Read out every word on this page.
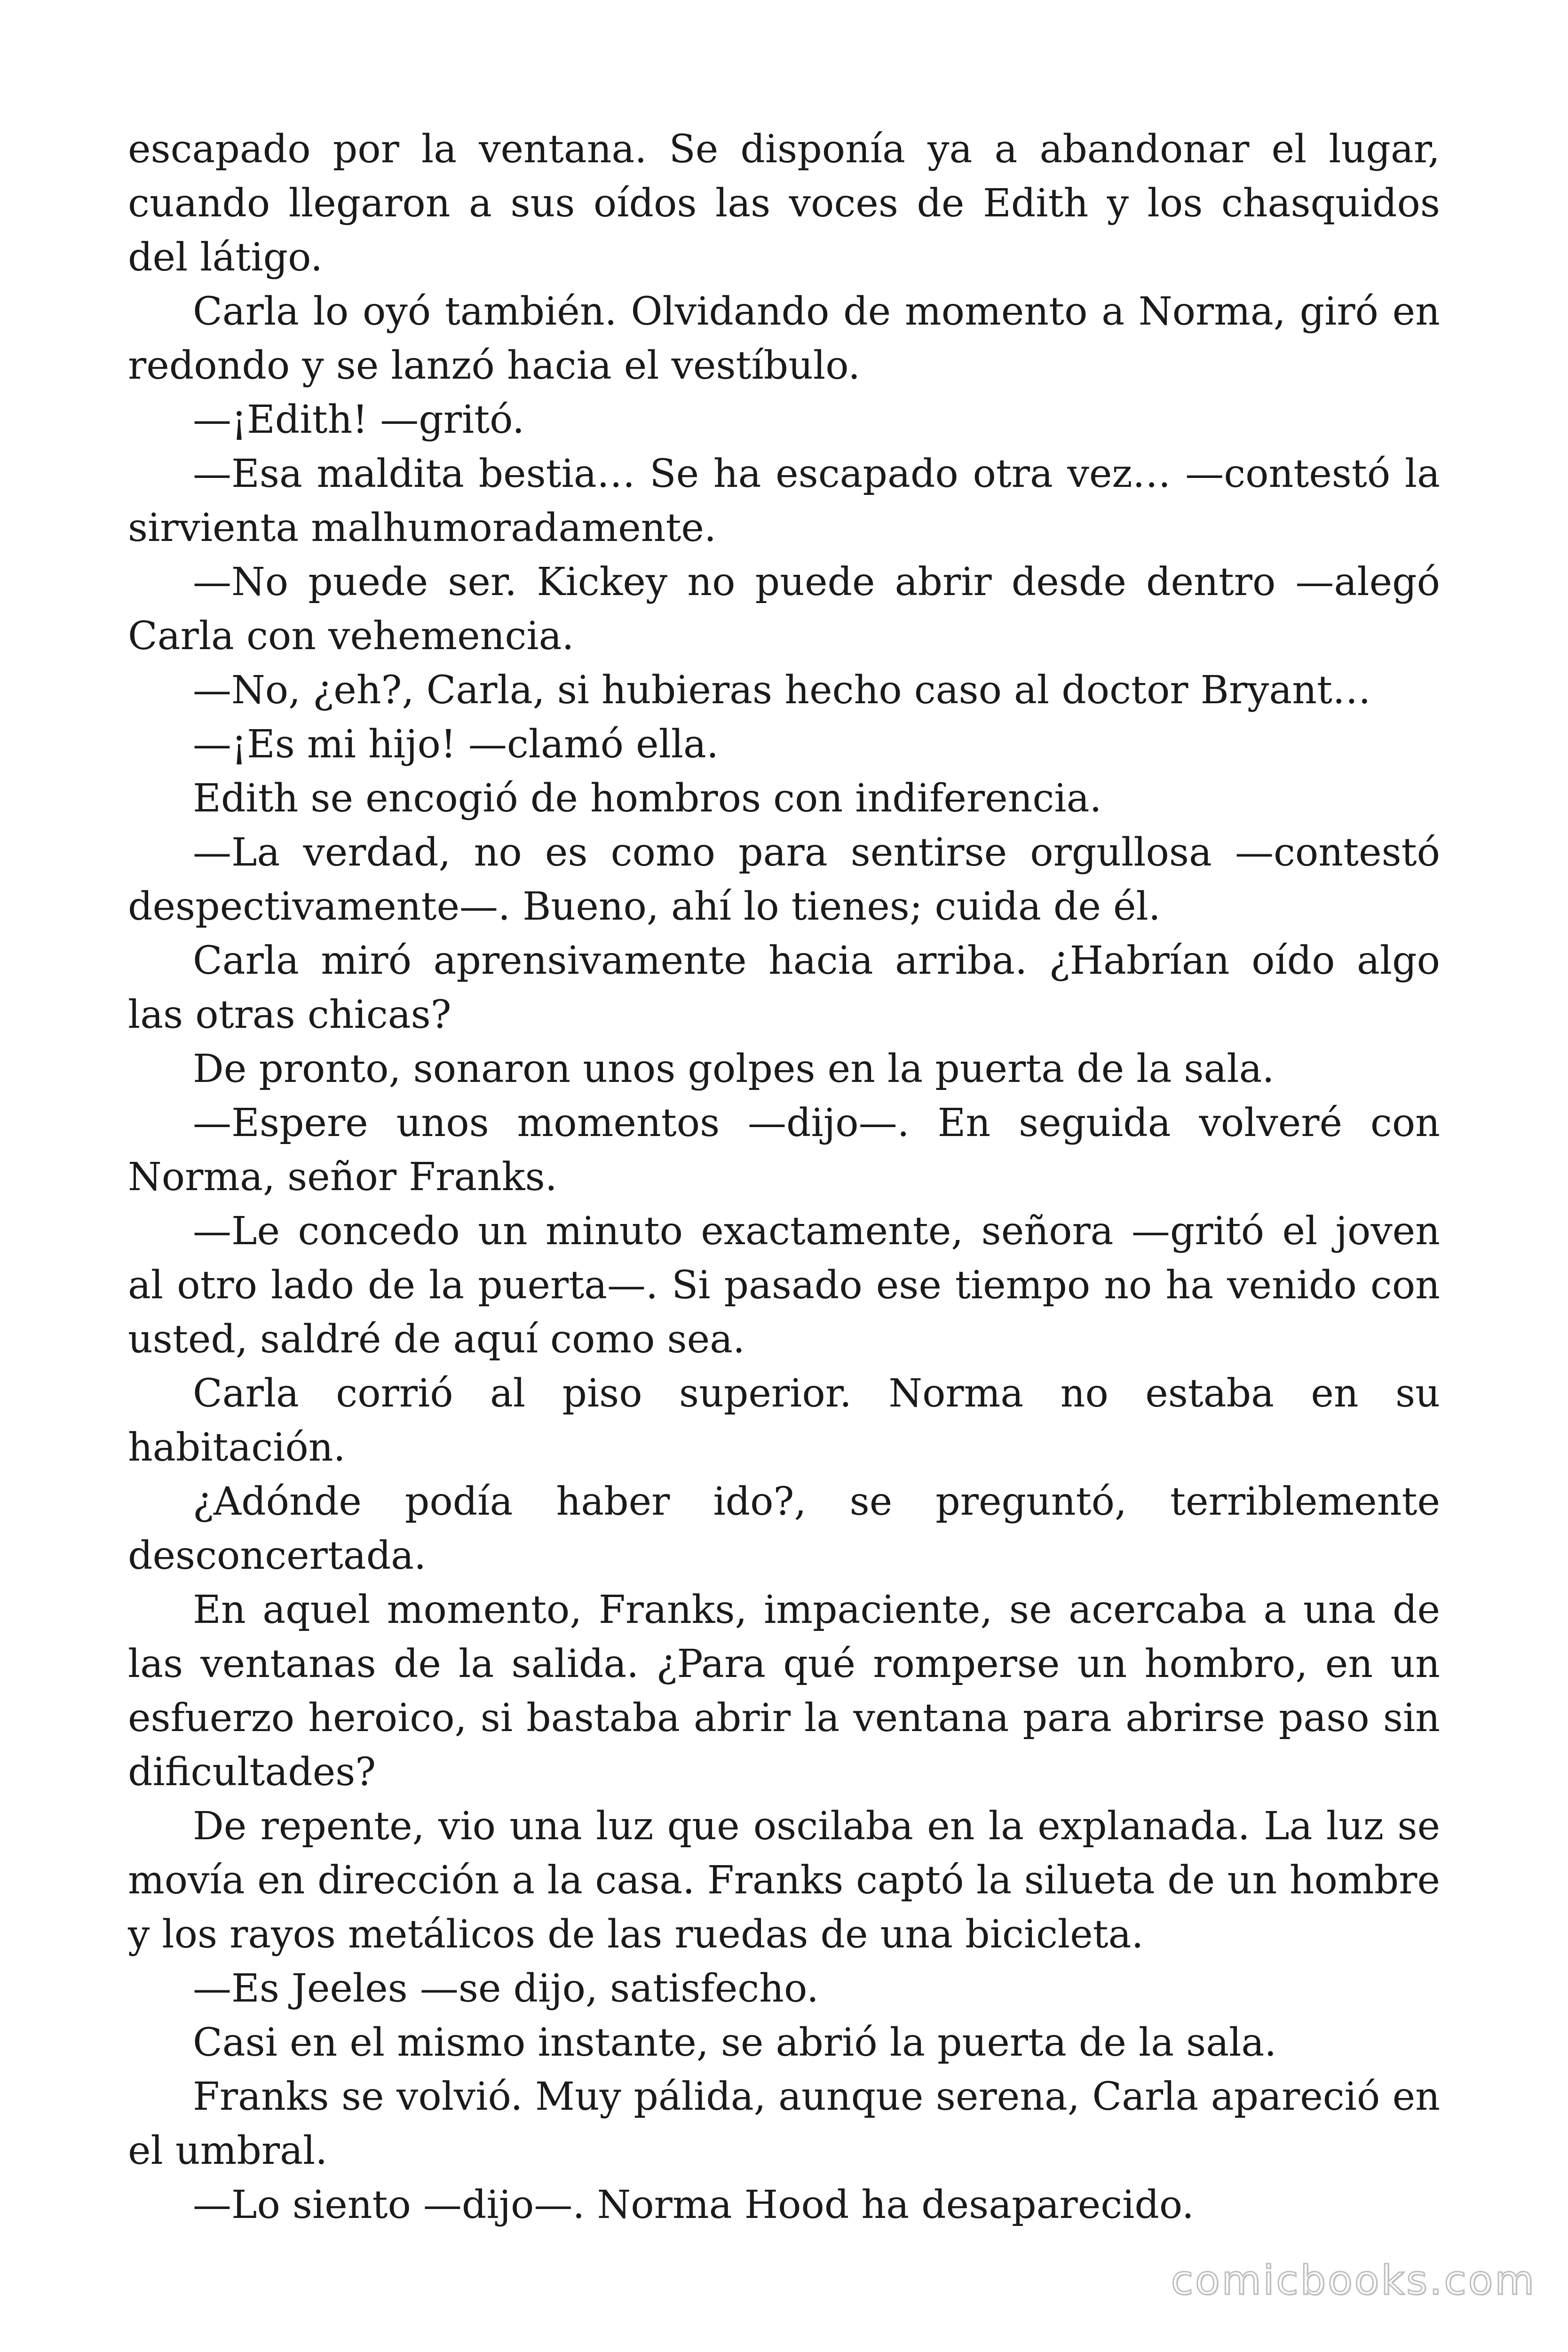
escapado por la ventana. Se disponía ya a abandonar el lugar, cuando llegaron a sus oídos las voces de Edith y los chasquidos del látigo.

Carla lo oyó también. Olvidando de momento a Norma, giró en redondo y se lanzó hacia el vestíbulo.

—¡Edith! —gritó.

—Esa maldita bestia… Se ha escapado otra vez… —contestó la sirvienta malhumoradamente.

—No puede ser. Kickey no puede abrir desde dentro —alegó Carla con vehemencia.

—No, ¿eh?, Carla, si hubieras hecho caso al doctor Bryant…

—¡Es mi hijo! —clamó ella.

Edith se encogió de hombros con indiferencia.

—La verdad, no es como para sentirse orgullosa —contestó despectivamente—. Bueno, ahí lo tienes; cuida de él.

Carla miró aprensivamente hacia arriba. ¿Habrían oído algo las otras chicas?

De pronto, sonaron unos golpes en la puerta de la sala.

—Espere unos momentos —dijo—. En seguida volveré con Norma, señor Franks.

—Le concedo un minuto exactamente, señora —gritó el joven al otro lado de la puerta—. Si pasado ese tiempo no ha venido con usted, saldré de aquí como sea.

Carla corrió al piso superior. Norma no estaba en su habitación.

¿Adónde podía haber ido?, se preguntó, terriblemente desconcertada.

En aquel momento, Franks, impaciente, se acercaba a una de las ventanas de la salida. ¿Para qué romperse un hombro, en un esfuerzo heroico, si bastaba abrir la ventana para abrirse paso sin dificultades?

De repente, vio una luz que oscilaba en la explanada. La luz se movía en dirección a la casa. Franks captó la silueta de un hombre y los rayos metálicos de las ruedas de una bicicleta.

—Es Jeeles —se dijo, satisfecho.

Casi en el mismo instante, se abrió la puerta de la sala.

Franks se volvió. Muy pálida, aunque serena, Carla apareció en el umbral.

—Lo siento —dijo—. Norma Hood ha desaparecido.

comicbooks.com
